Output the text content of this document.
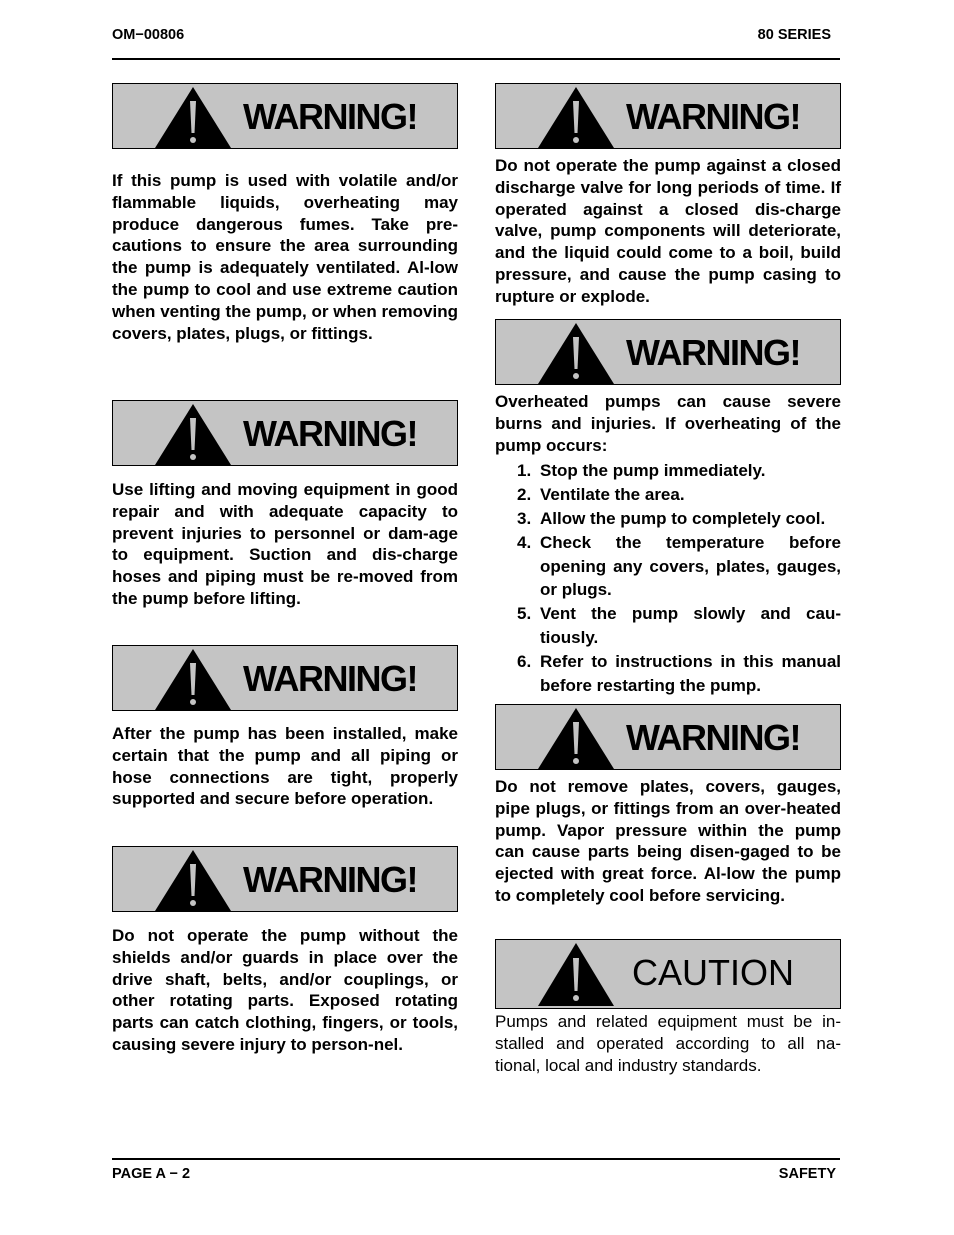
OM−00806	80 SERIES
WARNING!

If this pump is used with volatile and/or flammable liquids, overheating may produce dangerous fumes. Take pre-cautions to ensure the area surrounding the pump is adequately ventilated. Al-low the pump to cool and use extreme caution when venting the pump, or when removing covers, plates, plugs, or fittings.

WARNING!

Use lifting and moving equipment in good repair and with adequate capacity to prevent injuries to personnel or dam-age to equipment. Suction and dis-charge hoses and piping must be re-moved from the pump before lifting.

WARNING!

After the pump has been installed, make certain that the pump and all piping or hose connections are tight, properly supported and secure before operation.

WARNING!

Do not operate the pump without the shields and/or guards in place over the drive shaft, belts, and/or couplings, or other rotating parts. Exposed rotating parts can catch clothing, fingers, or tools, causing severe injury to person-nel.

WARNING!

Do not operate the pump against a closed discharge valve for long periods of time. If operated against a closed dis-charge valve, pump components will deteriorate, and the liquid could come to a boil, build pressure, and cause the pump casing to rupture or explode.

WARNING!

Overheated pumps can cause severe burns and injuries. If overheating of the pump occurs:

1. Stop the pump immediately.
2. Ventilate the area.
3. Allow the pump to completely cool.
4. Check the temperature before opening any covers, plates, gauges, or plugs.
5. Vent the pump slowly and cau-tiously.
6. Refer to instructions in this manual before restarting the pump.
WARNING!

Do not remove plates, covers, gauges, pipe plugs, or fittings from an over-heated pump. Vapor pressure within the pump can cause parts being disen-gaged to be ejected with great force. Al-low the pump to completely cool before servicing.

CAUTION

Pumps and related equipment must be in-stalled and operated according to all na-tional, local and industry standards.

PAGE A − 2	SAFETY
